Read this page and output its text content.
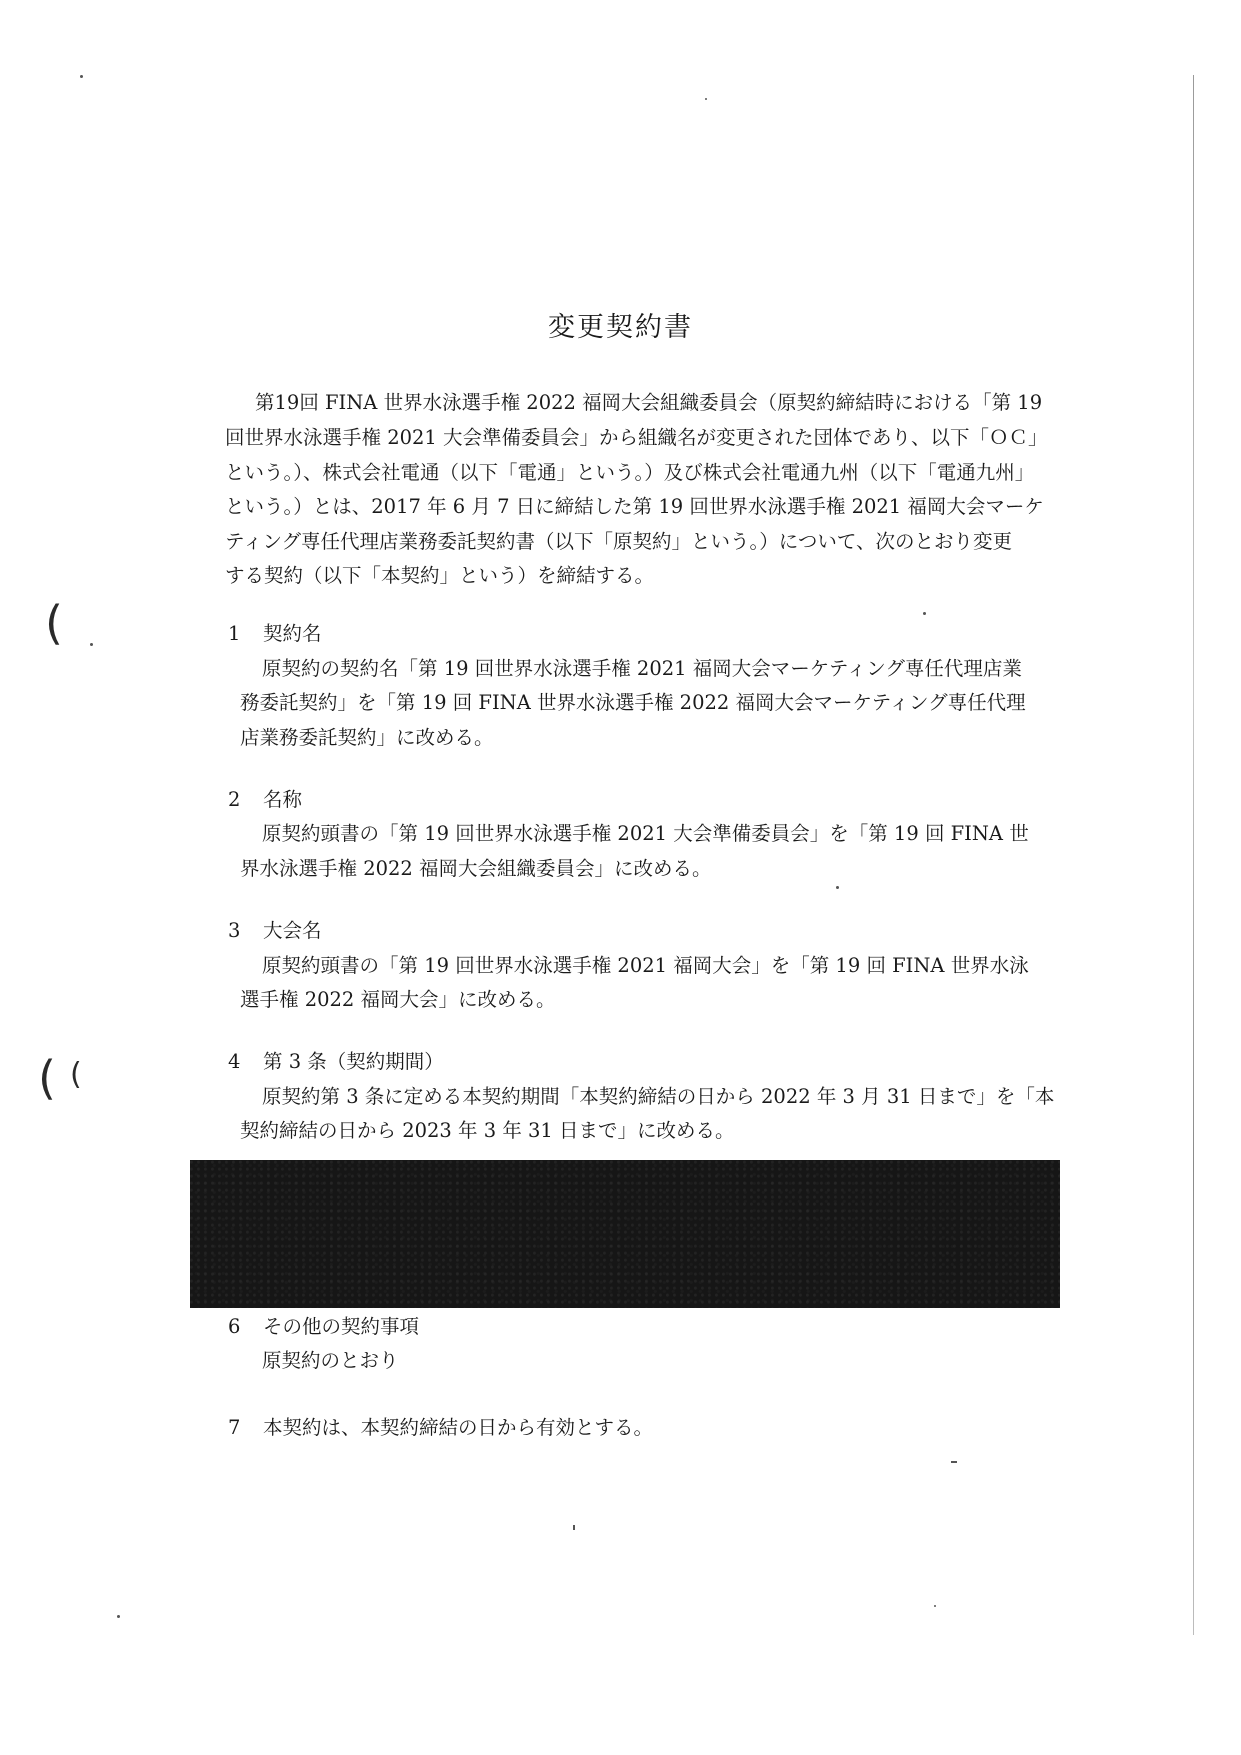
(
( (
変更契約書
第19回 FINA 世界水泳選手権 2022 福岡大会組織委員会（原契約締結時における「第 19
回世界水泳選手権 2021 大会準備委員会」から組織名が変更された団体であり、以下「ＯＣ」
という。）、株式会社電通（以下「電通」という。）及び株式会社電通九州（以下「電通九州」
という。）とは、2017 年 6 月 7 日に締結した第 19 回世界水泳選手権 2021 福岡大会マーケ
ティング専任代理店業務委託契約書（以下「原契約」という。）について、次のとおり変更
する契約（以下「本契約」という）を締結する。
1 契約名
原契約の契約名「第 19 回世界水泳選手権 2021 福岡大会マーケティング専任代理店業
務委託契約」を「第 19 回 FINA 世界水泳選手権 2022 福岡大会マーケティング専任代理
店業務委託契約」に改める。
2 名称
原契約頭書の「第 19 回世界水泳選手権 2021 大会準備委員会」を「第 19 回 FINA 世
界水泳選手権 2022 福岡大会組織委員会」に改める。
3 大会名
原契約頭書の「第 19 回世界水泳選手権 2021 福岡大会」を「第 19 回 FINA 世界水泳
選手権 2022 福岡大会」に改める。
4 第 3 条（契約期間）
原契約第 3 条に定める本契約期間「本契約締結の日から 2022 年 3 月 31 日まで」を「本
契約締結の日から 2023 年 3 年 31 日まで」に改める。
6 その他の契約事項
原契約のとおり
7 本契約は、本契約締結の日から有効とする。
